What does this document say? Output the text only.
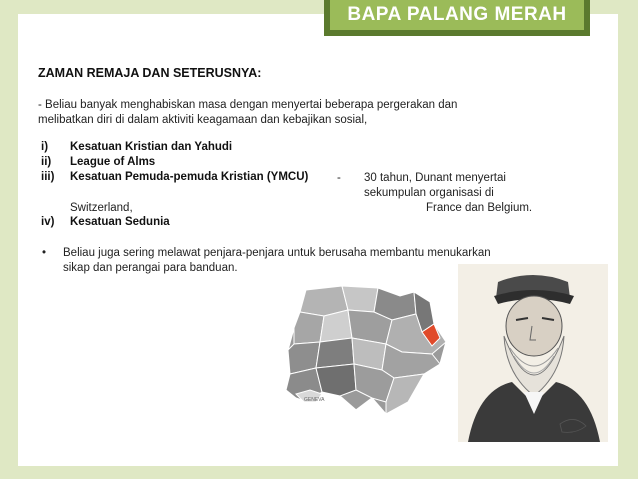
BAPA PALANG MERAH
ZAMAN REMAJA DAN SETERUSNYA:
- Beliau banyak menghabiskan masa dengan menyertai beberapa pergerakan dan
melibatkan diri di dalam aktiviti keagamaan dan kebajikan sosial,
i) Kesatuan Kristian dan Yahudi
ii) League of Alms
iii) Kesatuan Pemuda-pemuda Kristian (YMCU) - 30 tahun, Dunant menyertai
sekumpulan organisasi di
Switzerland,	France dan Belgium.
iv) Kesatuan Sedunia
• Beliau juga sering melawat penjara-penjara untuk berusaha membantu menukarkan
sikap dan perangai para banduan.
GENEVA
